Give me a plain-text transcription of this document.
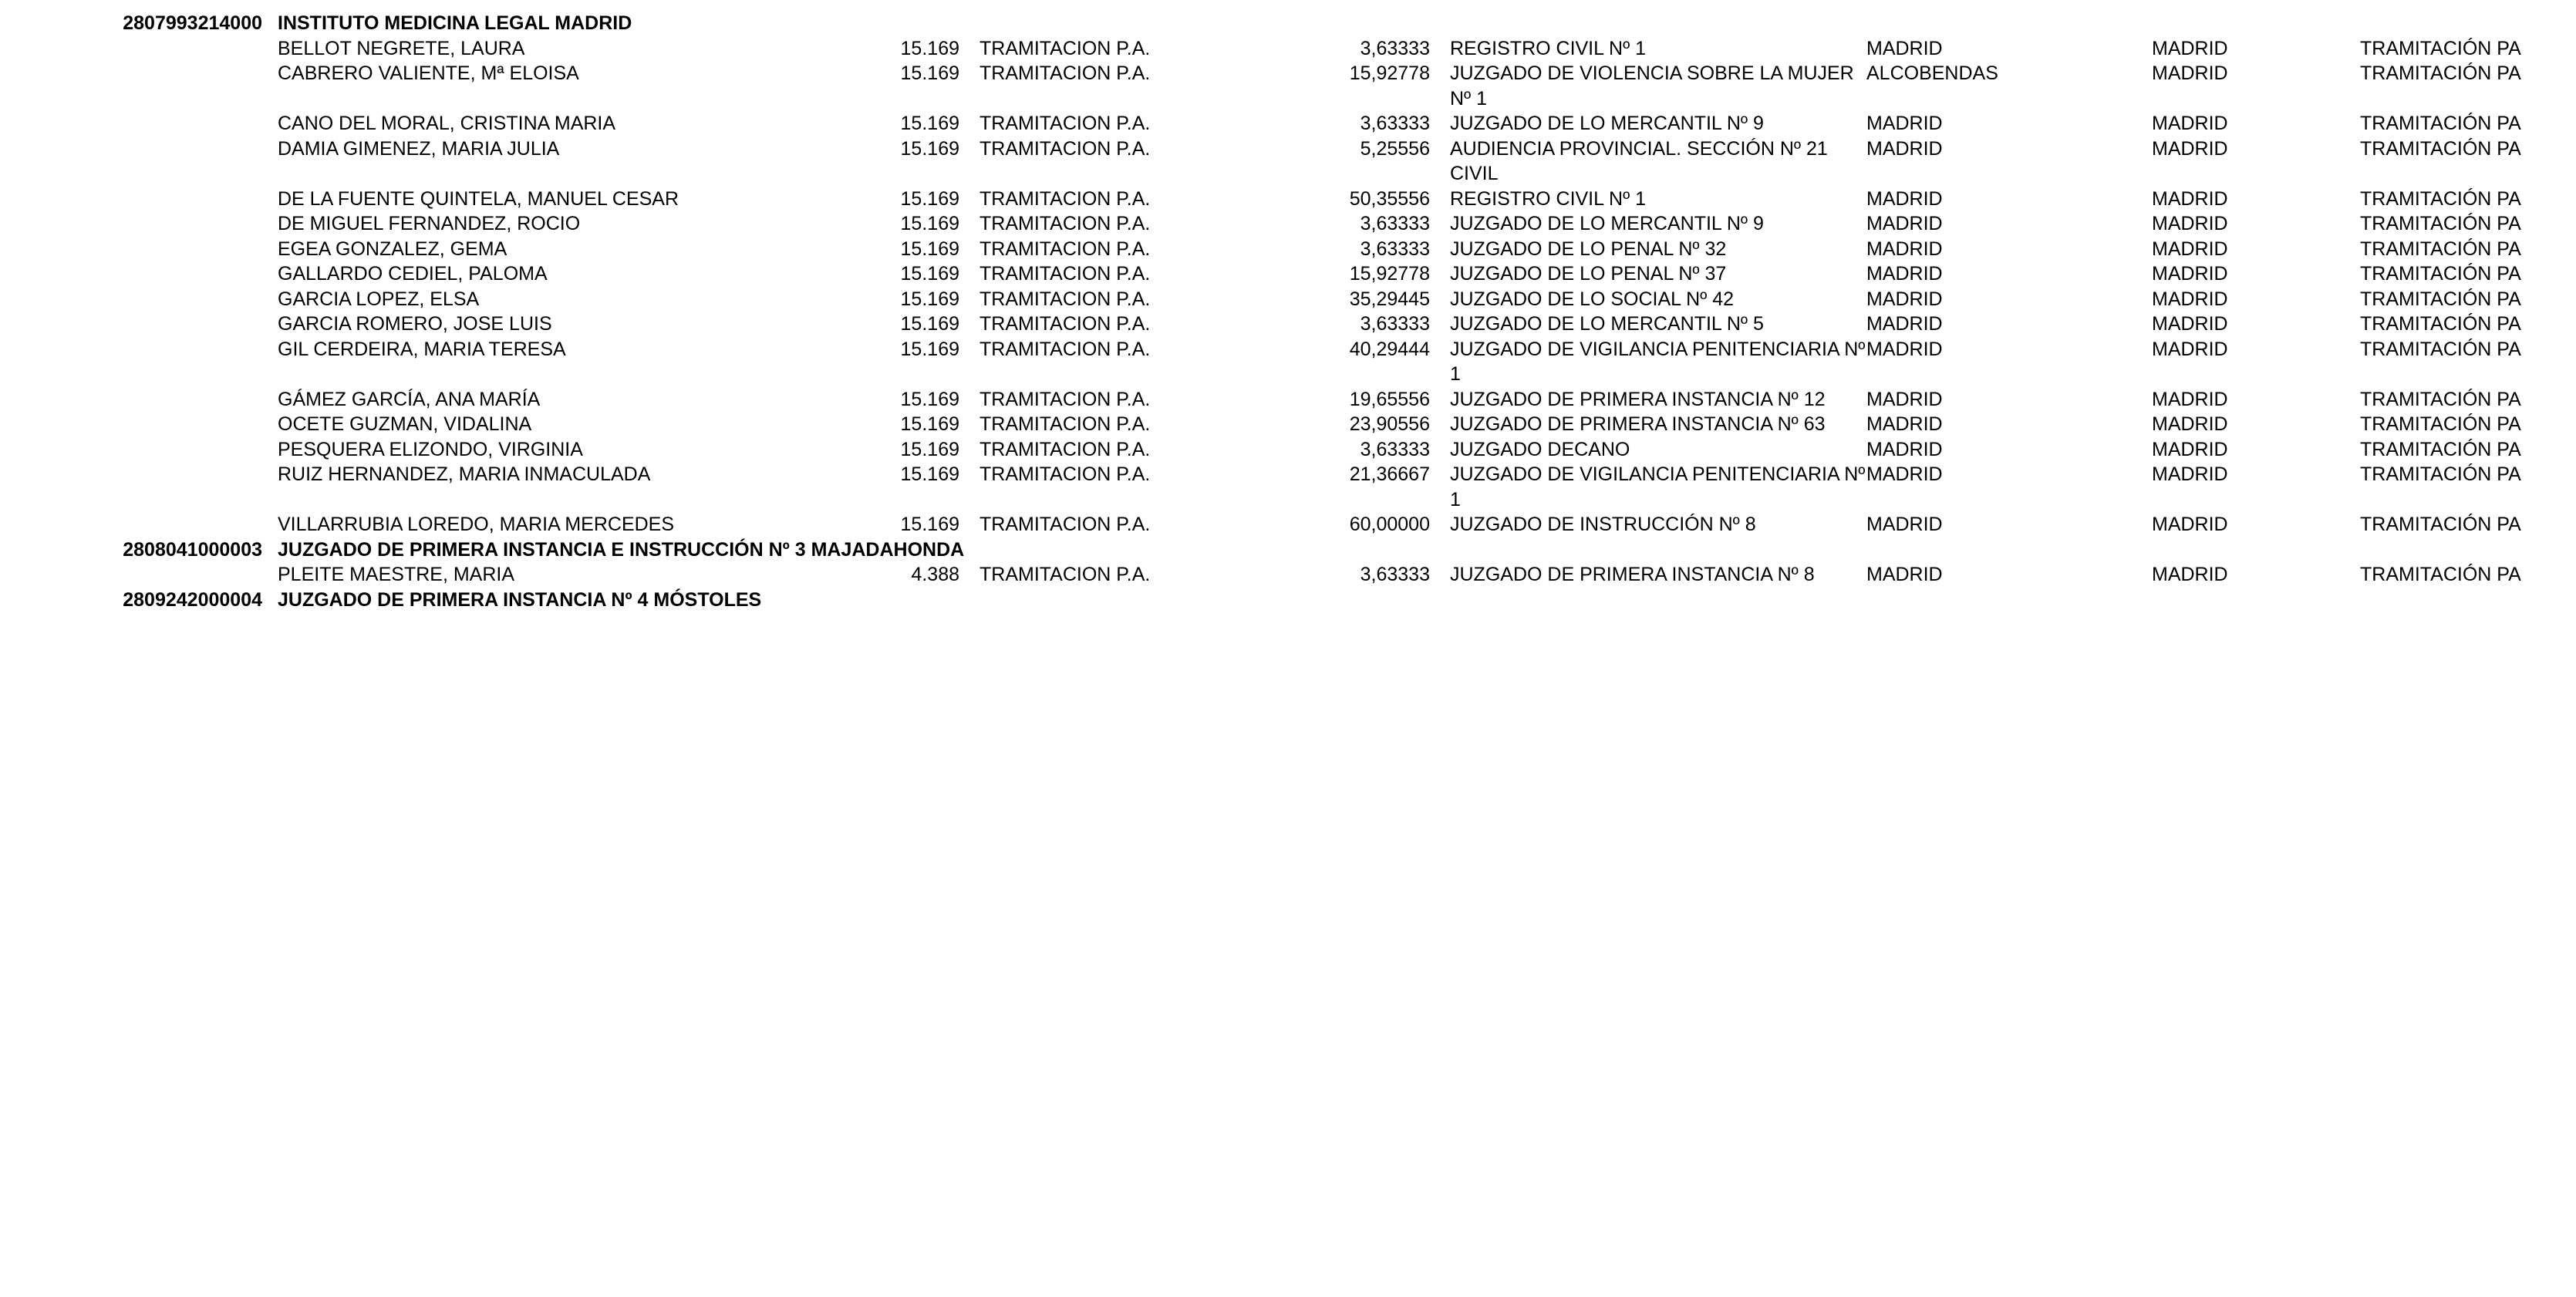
2807993214000	INSTITUTO MEDICINA LEGAL MADRID							
	BELLOT NEGRETE, LAURA	15.169	TRAMITACION P.A.	3,63333	REGISTRO CIVIL Nº 1	MADRID	MADRID	TRAMITACIÓN PA
	CABRERO VALIENTE, Mª ELOISA	15.169	TRAMITACION P.A.	15,92778	JUZGADO DE VIOLENCIA SOBRE LA MUJER Nº 1	ALCOBENDAS	MADRID	TRAMITACIÓN PA
	CANO DEL MORAL, CRISTINA MARIA	15.169	TRAMITACION P.A.	3,63333	JUZGADO DE LO MERCANTIL Nº 9	MADRID	MADRID	TRAMITACIÓN PA
	DAMIA GIMENEZ, MARIA JULIA	15.169	TRAMITACION P.A.	5,25556	AUDIENCIA PROVINCIAL. SECCIÓN Nº 21 CIVIL	MADRID	MADRID	TRAMITACIÓN PA
	DE LA FUENTE QUINTELA, MANUEL CESAR	15.169	TRAMITACION P.A.	50,35556	REGISTRO CIVIL Nº 1	MADRID	MADRID	TRAMITACIÓN PA
	DE MIGUEL FERNANDEZ, ROCIO	15.169	TRAMITACION P.A.	3,63333	JUZGADO DE LO MERCANTIL Nº 9	MADRID	MADRID	TRAMITACIÓN PA
	EGEA GONZALEZ, GEMA	15.169	TRAMITACION P.A.	3,63333	JUZGADO DE LO PENAL Nº 32	MADRID	MADRID	TRAMITACIÓN PA
	GALLARDO CEDIEL, PALOMA	15.169	TRAMITACION P.A.	15,92778	JUZGADO DE LO PENAL Nº 37	MADRID	MADRID	TRAMITACIÓN PA
	GARCIA LOPEZ, ELSA	15.169	TRAMITACION P.A.	35,29445	JUZGADO DE LO SOCIAL Nº 42	MADRID	MADRID	TRAMITACIÓN PA
	GARCIA ROMERO, JOSE LUIS	15.169	TRAMITACION P.A.	3,63333	JUZGADO DE LO MERCANTIL Nº 5	MADRID	MADRID	TRAMITACIÓN PA
	GIL CERDEIRA, MARIA TERESA	15.169	TRAMITACION P.A.	40,29444	JUZGADO DE VIGILANCIA PENITENCIARIA Nº 1	MADRID	MADRID	TRAMITACIÓN PA
	GÁMEZ GARCÍA, ANA MARÍA	15.169	TRAMITACION P.A.	19,65556	JUZGADO DE PRIMERA INSTANCIA Nº 12	MADRID	MADRID	TRAMITACIÓN PA
	OCETE GUZMAN, VIDALINA	15.169	TRAMITACION P.A.	23,90556	JUZGADO DE PRIMERA INSTANCIA Nº 63	MADRID	MADRID	TRAMITACIÓN PA
	PESQUERA ELIZONDO, VIRGINIA	15.169	TRAMITACION P.A.	3,63333	JUZGADO DECANO	MADRID	MADRID	TRAMITACIÓN PA
	RUIZ HERNANDEZ, MARIA INMACULADA	15.169	TRAMITACION P.A.	21,36667	JUZGADO DE VIGILANCIA PENITENCIARIA Nº 1	MADRID	MADRID	TRAMITACIÓN PA
	VILLARRUBIA LOREDO, MARIA MERCEDES	15.169	TRAMITACION P.A.	60,00000	JUZGADO DE INSTRUCCIÓN Nº 8	MADRID	MADRID	TRAMITACIÓN PA
2808041000003	JUZGADO DE PRIMERA INSTANCIA E INSTRUCCIÓN Nº 3 MAJADAHONDA							
	PLEITE MAESTRE, MARIA	4.388	TRAMITACION P.A.	3,63333	JUZGADO DE PRIMERA INSTANCIA Nº 8	MADRID	MADRID	TRAMITACIÓN PA
2809242000004	JUZGADO DE PRIMERA INSTANCIA Nº 4 MÓSTOLES							
